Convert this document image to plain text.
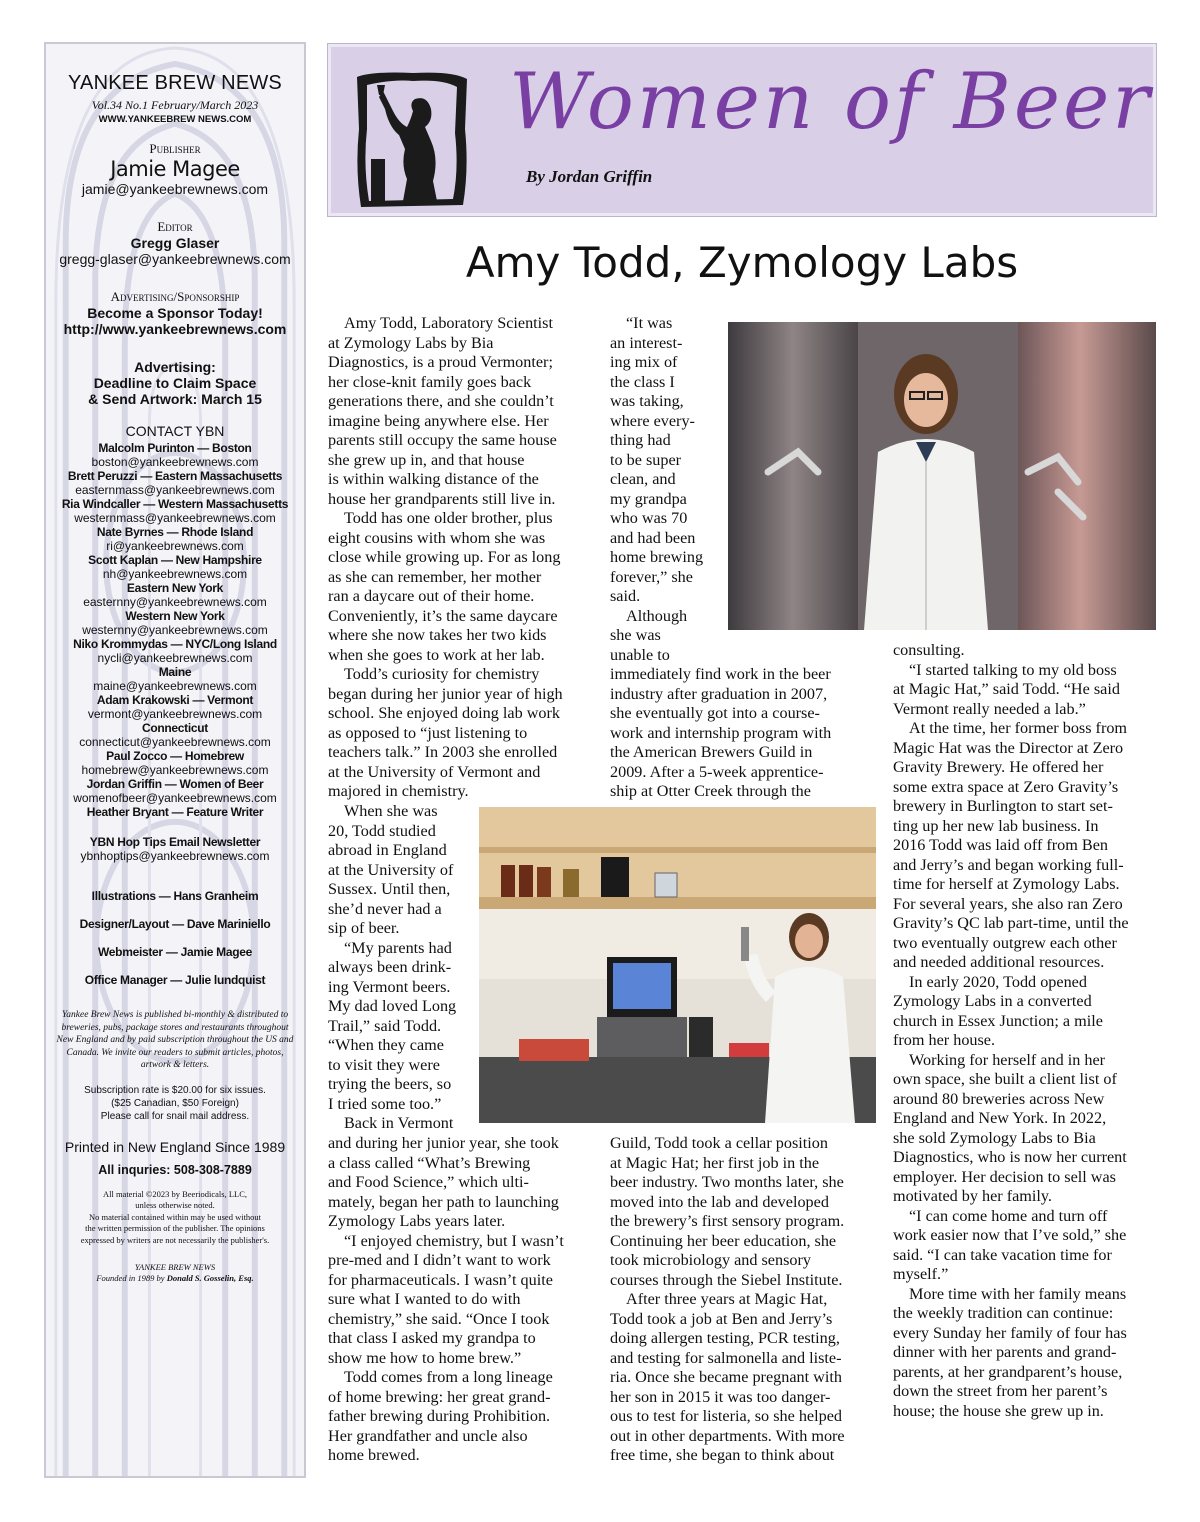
YANKEE BREW NEWS
Vol.34 No.1 February/March 2023
WWW.YANKEEBREW NEWS.COM
Publisher
Jamie Magee
jamie@yankeebrewnews.com
Editor
Gregg Glaser
gregg-glaser@yankeebrewnews.com
Advertising/Sponsorship
Become a Sponsor Today!
http://www.yankeebrewnews.com
Advertising:
Deadline to Claim Space
& Send Artwork: March 15
CONTACT YBN
Malcolm Purinton — Boston
boston@yankeebrewnews.com
Brett Peruzzi — Eastern Massachusetts
easternmass@yankeebrewnews.com
Ria Windcaller — Western Massachusetts
westernmass@yankeebrewnews.com
Nate Byrnes — Rhode Island
ri@yankeebrewnews.com
Scott Kaplan — New Hampshire
nh@yankeebrewnews.com
Eastern New York
easternny@yankeebrewnews.com
Western New York
westernny@yankeebrewnews.com
Niko Krommydas — NYC/Long Island
nycli@yankeebrewnews.com
Maine
maine@yankeebrewnews.com
Adam Krakowski — Vermont
vermont@yankeebrewnews.com
Connecticut
connecticut@yankeebrewnews.com
Paul Zocco — Homebrew
homebrew@yankeebrewnews.com
Jordan Griffin — Women of Beer
womenofbeer@yankeebrewnews.com
Heather Bryant — Feature Writer
YBN Hop Tips Email Newsletter
ybnhoptips@yankeebrewnews.com
Illustrations — Hans Granheim
Designer/Layout — Dave Mariniello
Webmeister — Jamie Magee
Office Manager — Julie lundquist
Yankee Brew News is published bi-monthly & distributed to breweries, pubs, package stores and restaurants throughout New England and by paid subscription throughout the US and Canada. We invite our readers to submit articles, photos, artwork & letters.
Subscription rate is $20.00 for six issues.
($25 Canadian, $50 Foreign)
Please call for snail mail address.
Printed in New England Since 1989
All inquries: 508-308-7889
All material ©2023 by Beeriodicals, LLC,
unless otherwise noted.
No material contained within may be used without
the written permission of the publisher. The opinions
expressed by writers are not necessarily the publisher's.
YANKEE BREW NEWS
Founded in 1989 by Donald S. Gosselin, Esq.
Women of Beer
By Jordan Griffin
Amy Todd, Zymology Labs
Amy Todd, Laboratory Scientist
at Zymology Labs by Bia
Diagnostics, is a proud Vermonter;
her close-knit family goes back
generations there, and she couldn’t
imagine being anywhere else. Her
parents still occupy the same house
she grew up in, and that house
is within walking distance of the
house her grandparents still live in.
Todd has one older brother, plus
eight cousins with whom she was
close while growing up. For as long
as she can remember, her mother
ran a daycare out of their home.
Conveniently, it’s the same daycare
where she now takes her two kids
when she goes to work at her lab.
Todd’s curiosity for chemistry
began during her junior year of high
school. She enjoyed doing lab work
as opposed to “just listening to
teachers talk.” In 2003 she enrolled
at the University of Vermont and
majored in chemistry.
When she was
20, Todd studied
abroad in England
at the University of
Sussex. Until then,
she’d never had a
sip of beer.
“My parents had
always been drink-
ing Vermont beers.
My dad loved Long
Trail,” said Todd.
“When they came
to visit they were
trying the beers, so
I tried some too.”
Back in Vermont
and during her junior year, she took
a class called “What’s Brewing
and Food Science,” which ulti-
mately, began her path to launching
Zymology Labs years later.
“I enjoyed chemistry, but I wasn’t
pre-med and I didn’t want to work
for pharmaceuticals. I wasn’t quite
sure what I wanted to do with
chemistry,” she said. “Once I took
that class I asked my grandpa to
show me how to home brew.”
Todd comes from a long lineage
of home brewing: her great grand-
father brewing during Prohibition.
Her grandfather and uncle also
home brewed.
“It was
an interest-
ing mix of
the class I
was taking,
where every-
thing had
to be super
clean, and
my grandpa
who was 70
and had been
home brewing
forever,” she
said.
Although
she was
unable to
immediately find work in the beer
industry after graduation in 2007,
she eventually got into a course-
work and internship program with
the American Brewers Guild in
2009. After a 5-week apprentice-
ship at Otter Creek through the
Guild, Todd took a cellar position
at Magic Hat; her first job in the
beer industry. Two months later, she
moved into the lab and developed
the brewery’s first sensory program.
Continuing her beer education, she
took microbiology and sensory
courses through the Siebel Institute.
After three years at Magic Hat,
Todd took a job at Ben and Jerry’s
doing allergen testing, PCR testing,
and testing for salmonella and liste-
ria. Once she became pregnant with
her son in 2015 it was too danger-
ous to test for listeria, so she helped
out in other departments. With more
free time, she began to think about
consulting.
“I started talking to my old boss
at Magic Hat,” said Todd. “He said
Vermont really needed a lab.”
At the time, her former boss from
Magic Hat was the Director at Zero
Gravity Brewery. He offered her
some extra space at Zero Gravity’s
brewery in Burlington to start set-
ting up her new lab business. In
2016 Todd was laid off from Ben
and Jerry’s and began working full-
time for herself at Zymology Labs.
For several years, she also ran Zero
Gravity’s QC lab part-time, until the
two eventually outgrew each other
and needed additional resources.
In early 2020, Todd opened
Zymology Labs in a converted
church in Essex Junction; a mile
from her house.
Working for herself and in her
own space, she built a client list of
around 80 breweries across New
England and New York. In 2022,
she sold Zymology Labs to Bia
Diagnostics, who is now her current
employer. Her decision to sell was
motivated by her family.
“I can come home and turn off
work easier now that I’ve sold,” she
said. “I can take vacation time for
myself.”
More time with her family means
the weekly tradition can continue:
every Sunday her family of four has
dinner with her parents and grand-
parents, at her grandparent’s house,
down the street from her parent’s
house; the house she grew up in.
